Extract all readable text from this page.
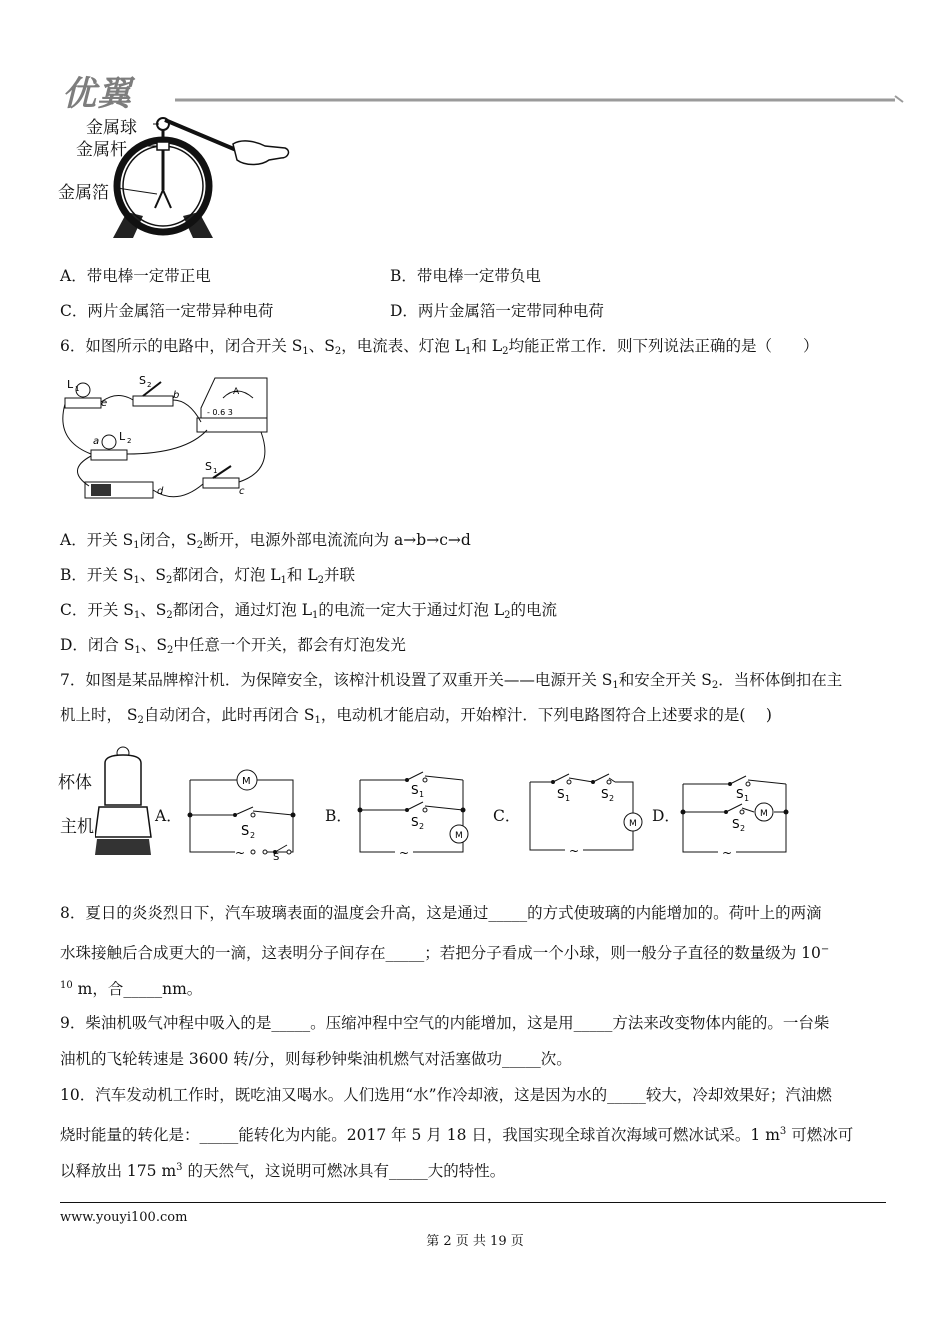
优翼
金属球
金属杆
金属箔
A．带电棒一定带正电	B．带电棒一定带负电
C．两片金属箔一定带异种电荷	D．两片金属箔一定带同种电荷
6．如图所示的电路中，闭合开关 $S_1$、$S_2$，电流表、灯泡 $L_1$和 $L_2$均能正常工作．则下列说法正确的是（　　）
L 1
e
S 2
b	A
- 0.6 3
a L 2
d
S 1
c
A．开关 $S_1$闭合，$S_2$断开，电源外部电流流向为 a→b→c→d
B．开关 $S_1$、$S_2$都闭合，灯泡 $L_1$和 $L_2$并联
C．开关 $S_1$、$S_2$都闭合，通过灯泡 $L_1$的电流一定大于通过灯泡 $L_2$的电流
D．闭合 $S_1$、$S_2$中任意一个开关，都会有灯泡发光
7．如图是某品牌榨汁机．为保障安全，该榨汁机设置了双重开关——电源开关 $S_1$和安全开关 $S_2$．当杯体倒扣在主
机上时， $S_2$自动闭合，此时再闭合 $S_1$，电动机才能启动，开始榨汁．下列电路图符合上述要求的是(　 )
杯体
主机
A．	B．	C．	D．
M
S 2
~	S
S 1
S 2
M
~
S 1	S 2
M
~
S 1
S 2
M
~
8．夏日的炎炎烈日下，汽车玻璃表面的温度会升高，这是通过_____的方式使玻璃的内能增加的。荷叶上的两滴
水珠接触后合成更大的一滴，这表明分子间存在_____；若把分子看成一个小球，则一般分子直径的数量级为 10−
$^{10}$ m，合_____nm。
9．柴油机吸气冲程中吸入的是_____。压缩冲程中空气的内能增加，这是用_____方法来改变物体内能的。一台柴
油机的飞轮转速是 3600 转/分，则每秒钟柴油机燃气对活塞做功_____次。
10．汽车发动机工作时，既吃油又喝水。人们选用“水”作冷却液，这是因为水的_____较大，冷却效果好；汽油燃
烧时能量的转化是：_____能转化为内能。2017 年 5 月 18 日，我国实现全球首次海域可燃冰试采。1 $m^3$ 可燃冰可
以释放出 175 $m^3$ 的天然气，这说明可燃冰具有_____大的特性。
www.youyi100.com
第 2 页 共 19 页
